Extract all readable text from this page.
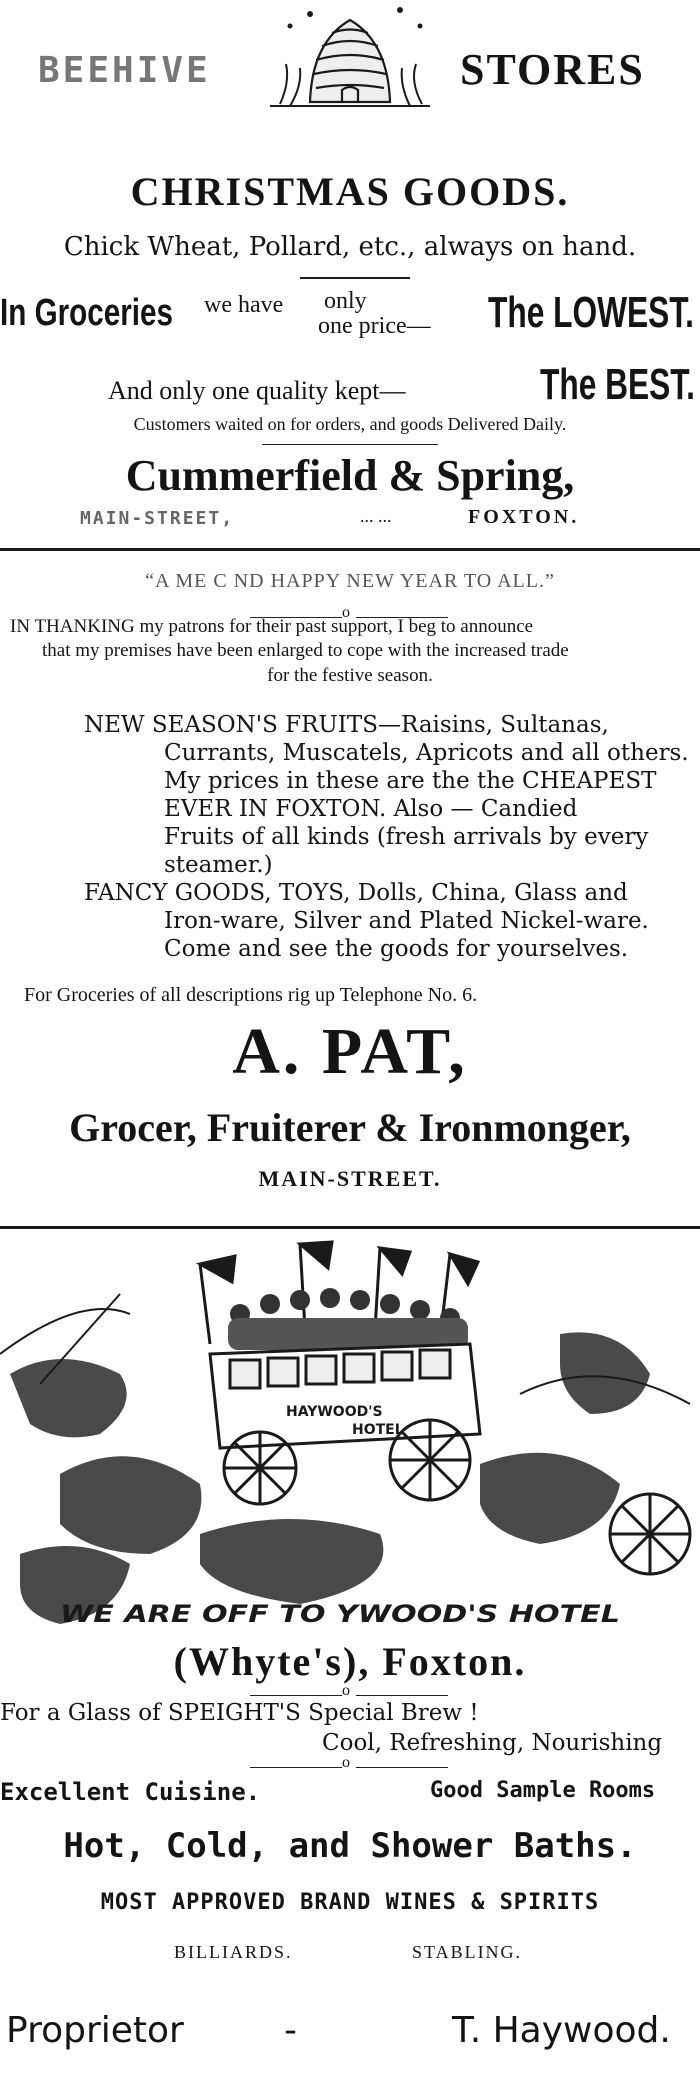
BEEHIVE	STORES
CHRISTMAS GOODS.
Chick Wheat, Pollard, etc., always on hand.
In Groceries we have only
one price— The LOWEST.
And only one quality kept—	The BEST.
Customers waited on for orders, and goods Delivered Daily.
Cummerfield & Spring,
MAIN-STREET,	... ...	FOXTON.
“A ME C ND HAPPY NEW YEAR TO ALL.”
o
IN THANKING my patrons for their past support, I beg to announce
that my premises have been enlarged to cope with the increased trade
for the festive season.
NEW SEASON'S FRUITS—Raisins, Sultanas,
Currants, Muscatels, Apricots and all others.
My prices in these are the the CHEAPEST
EVER IN FOXTON. Also — Candied
Fruits of all kinds (fresh arrivals by every
steamer.)
FANCY GOODS, TOYS, Dolls, China, Glass and
Iron-ware, Silver and Plated Nickel-ware.
Come and see the goods for yourselves.
For Groceries of all descriptions rig up Telephone No. 6.
A. PAT,
Grocer, Fruiterer & Ironmonger,
MAIN-STREET.
HAYWOOD'S
HOTEL
WE ARE OFF TO YWOOD'S HOTEL
(Whyte's), Foxton.
o
For a Glass of SPEIGHT'S Special Brew !
Cool, Refreshing, Nourishing
o
Excellent Cuisine.	Good Sample Rooms
Hot, Cold, and Shower Baths.
MOST APPROVED BRAND WINES & SPIRITS
BILLIARDS.	STABLING.
Proprietor	-	T. Haywood.
